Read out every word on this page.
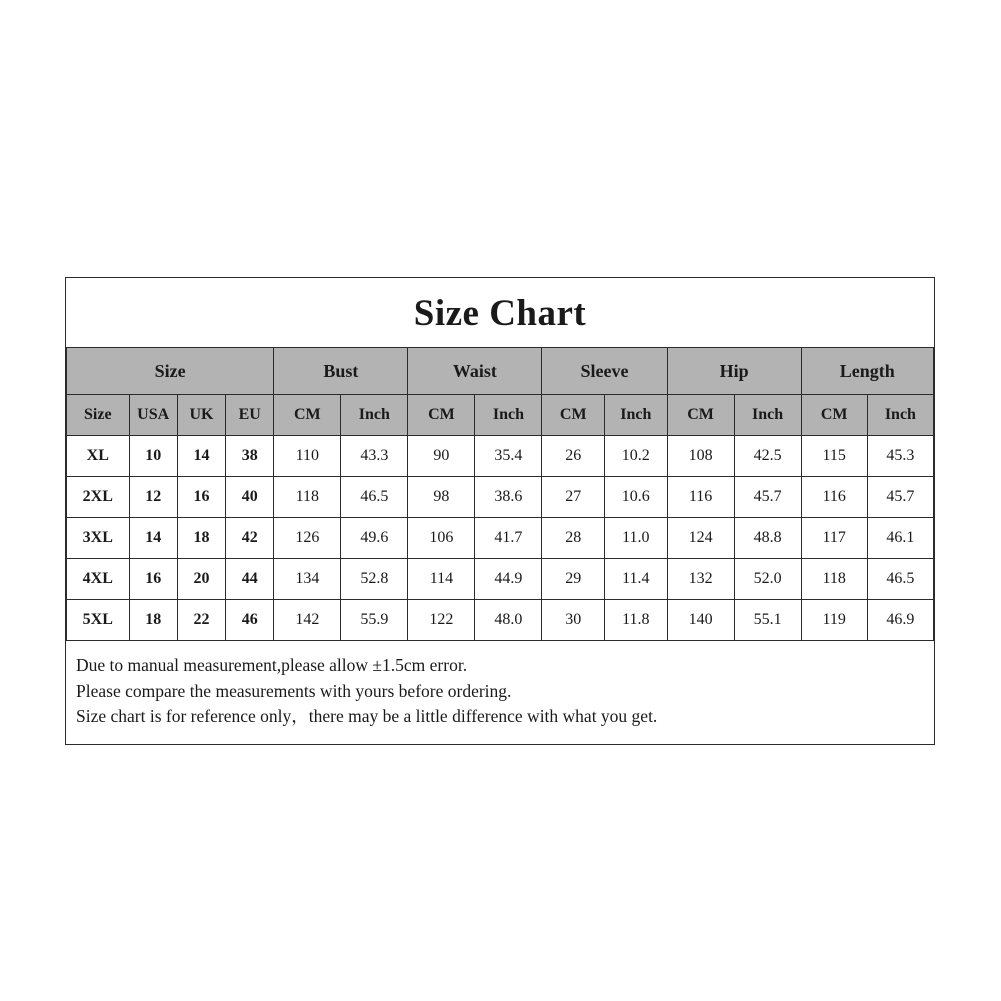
Size Chart
Size				Bust		Waist		Sleeve		Hip		Length	
Size	USA	UK	EU	CM	Inch	CM	Inch	CM	Inch	CM	Inch	CM	Inch
XL	10	14	38	110	43.3	90	35.4	26	10.2	108	42.5	115	45.3
2XL	12	16	40	118	46.5	98	38.6	27	10.6	116	45.7	116	45.7
3XL	14	18	42	126	49.6	106	41.7	28	11.0	124	48.8	117	46.1
4XL	16	20	44	134	52.8	114	44.9	29	11.4	132	52.0	118	46.5
5XL	18	22	46	142	55.9	122	48.0	30	11.8	140	55.1	119	46.9
Due to manual measurement,please allow ±1.5cm error.
Please compare the measurements with yours before ordering.
Size chart is for reference only，there may be a little difference with what you get.
